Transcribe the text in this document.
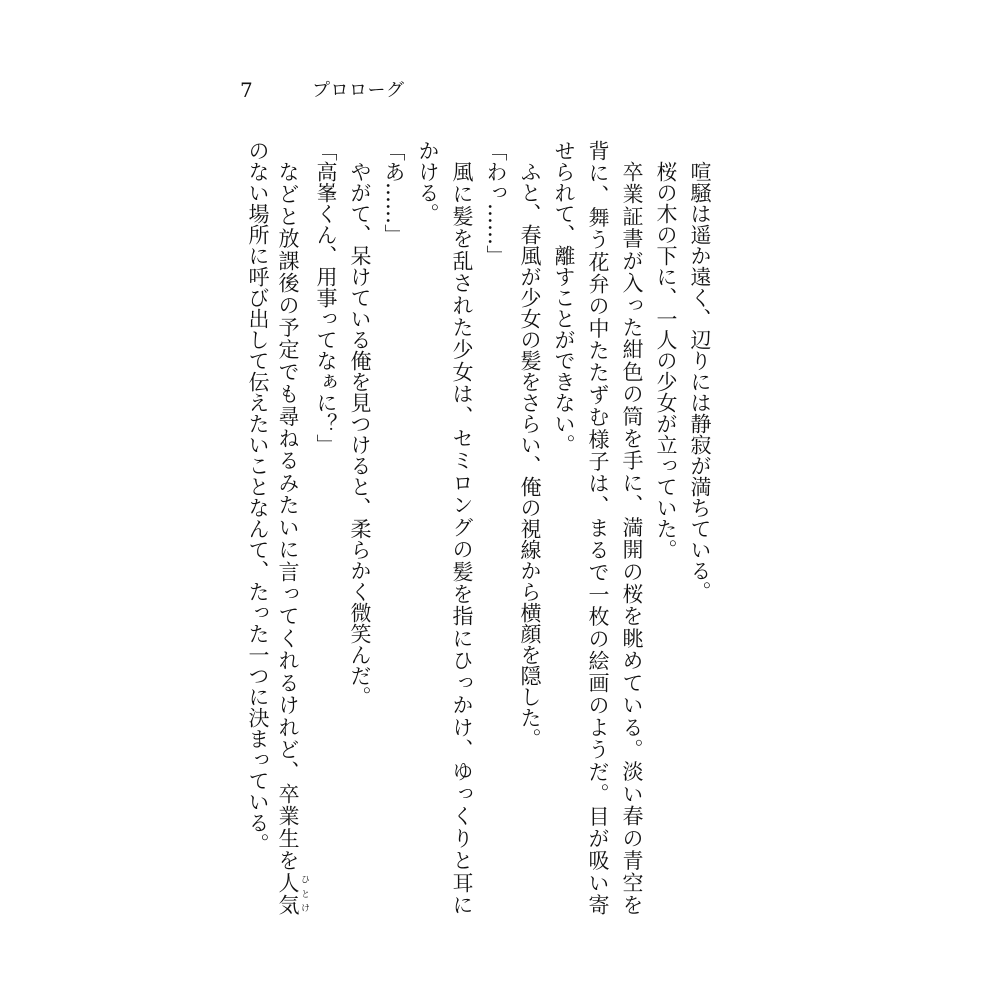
7	プロローグ
喧騒は遥か遠く、辺りには静寂が満ちている。
桜の木の下に、一人の少女が立っていた。
卒業証書が入った紺色の筒を手に、満開の桜を眺めている。淡い春の青空を
背に、舞う花弁の中たたずむ様子は、まるで一枚の絵画のようだ。目が吸い寄
せられて、離すことができない。
ふと、春風が少女の髪をさらい、俺の視線から横顔を隠した。
「わっ……」
風に髪を乱された少女は、セミロングの髪を指にひっかけ、ゆっくりと耳に
かける。
「あ……」
やがて、呆けている俺を見つけると、柔らかく微笑んだ。
「高峯くん、用事ってなぁに？」
などと放課後の予定でも尋ねるみたいに言ってくれるけれど、卒業生を人気 ひとけ
のない場所に呼び出して伝えたいことなんて、たった一つに決まっている。
